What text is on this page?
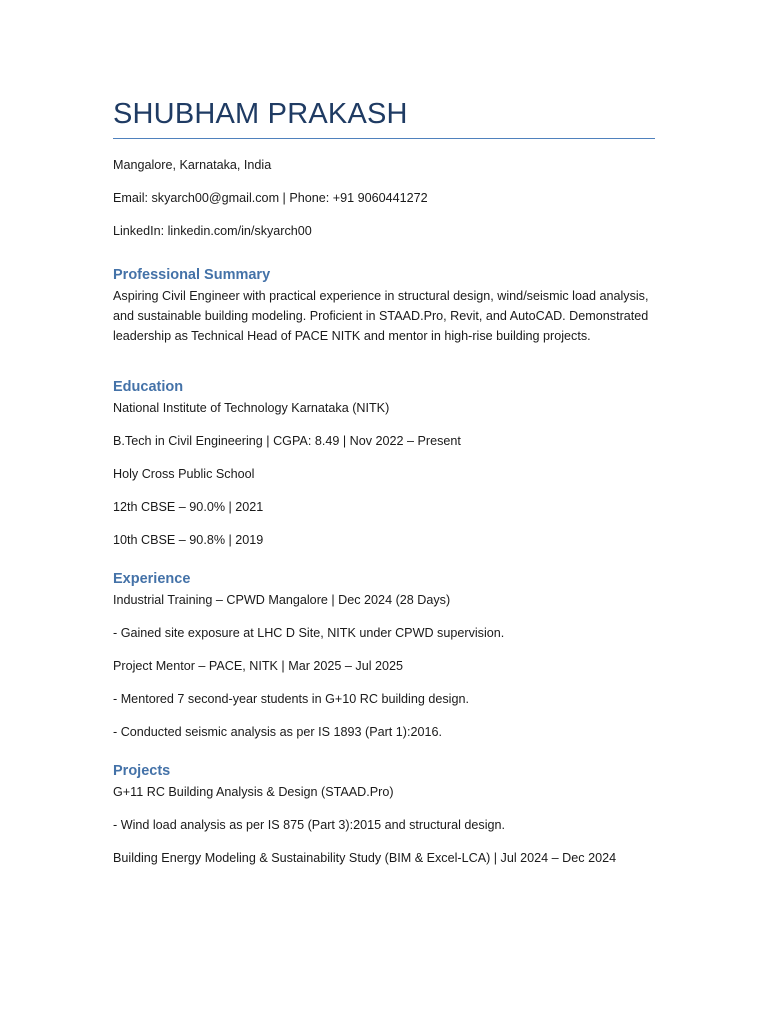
SHUBHAM PRAKASH

Mangalore, Karnataka, India

Email: skyarch00@gmail.com | Phone: +91 9060441272

LinkedIn: linkedin.com/in/skyarch00

Professional Summary

Aspiring Civil Engineer with practical experience in structural design, wind/seismic load analysis, and sustainable building modeling. Proficient in STAAD.Pro, Revit, and AutoCAD. Demonstrated leadership as Technical Head of PACE NITK and mentor in high-rise building projects.

Education

National Institute of Technology Karnataka (NITK)

B.Tech in Civil Engineering | CGPA: 8.49 | Nov 2022 – Present

Holy Cross Public School

12th CBSE – 90.0% | 2021

10th CBSE – 90.8% | 2019

Experience

Industrial Training – CPWD Mangalore | Dec 2024 (28 Days)

- Gained site exposure at LHC D Site, NITK under CPWD supervision.

Project Mentor – PACE, NITK | Mar 2025 – Jul 2025

- Mentored 7 second-year students in G+10 RC building design.

- Conducted seismic analysis as per IS 1893 (Part 1):2016.

Projects

G+11 RC Building Analysis & Design (STAAD.Pro)

- Wind load analysis as per IS 875 (Part 3):2015 and structural design.

Building Energy Modeling & Sustainability Study (BIM & Excel-LCA) | Jul 2024 – Dec 2024
